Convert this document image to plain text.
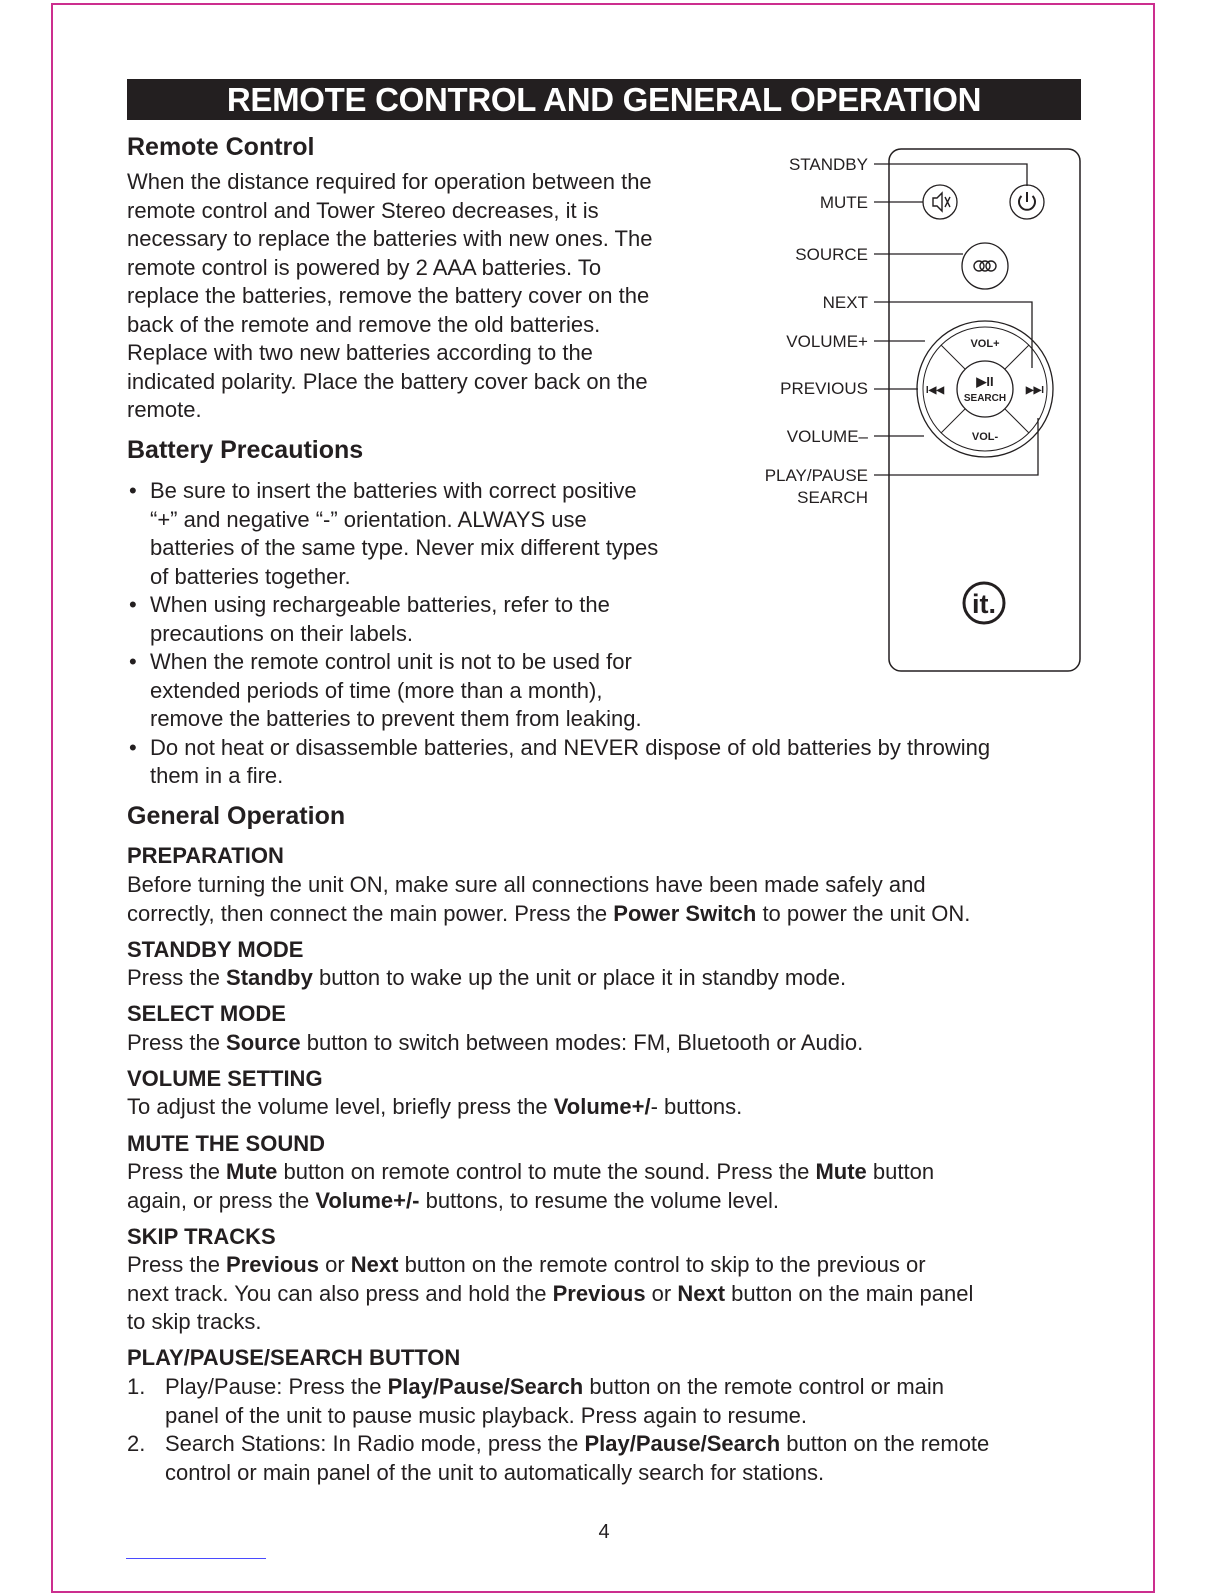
REMOTE CONTROL AND GENERAL OPERATION
Remote Control
When the distance required for operation between the
remote control and Tower Stereo decreases, it is
necessary to replace the batteries with new ones. The
remote control is powered by 2 AAA batteries. To
replace the batteries, remove the battery cover on the
back of the remote and remove the old batteries.
Replace with two new batteries according to the
indicated polarity. Place the battery cover back on the
remote.
Battery Precautions
• Be sure to insert the batteries with correct positive
“+” and negative “-” orientation. ALWAYS use
batteries of the same type. Never mix different types
of batteries together.
• When using rechargeable batteries, refer to the
precautions on their labels.
• When the remote control unit is not to be used for
extended periods of time (more than a month),
remove the batteries to prevent them from leaking.
• Do not heat or disassemble batteries, and NEVER dispose of old batteries by throwing
them in a fire.
STANDBY
MUTE
SOURCE
NEXT
VOLUME+
PREVIOUS
VOLUME–
PLAY/PAUSE
SEARCH
VOL+
VOL-
▶II
SEARCH
I◀◀	▶▶I
it.
General Operation
PREPARATION
Before turning the unit ON, make sure all connections have been made safely and
correctly, then connect the main power. Press the Power Switch to power the unit ON.
STANDBY MODE
Press the Standby button to wake up the unit or place it in standby mode.
SELECT MODE
Press the Source button to switch between modes: FM, Bluetooth or Audio.
VOLUME SETTING
To adjust the volume level, briefly press the Volume+/- buttons.
MUTE THE SOUND
Press the Mute button on remote control to mute the sound. Press the Mute button
again, or press the Volume+/- buttons, to resume the volume level.
SKIP TRACKS
Press the Previous or Next button on the remote control to skip to the previous or
next track. You can also press and hold the Previous or Next button on the main panel
to skip tracks.
PLAY/PAUSE/SEARCH BUTTON
1. Play/Pause: Press the Play/Pause/Search button on the remote control or main
panel of the unit to pause music playback. Press again to resume.
2. Search Stations: In Radio mode, press the Play/Pause/Search button on the remote
control or main panel of the unit to automatically search for stations.
4
